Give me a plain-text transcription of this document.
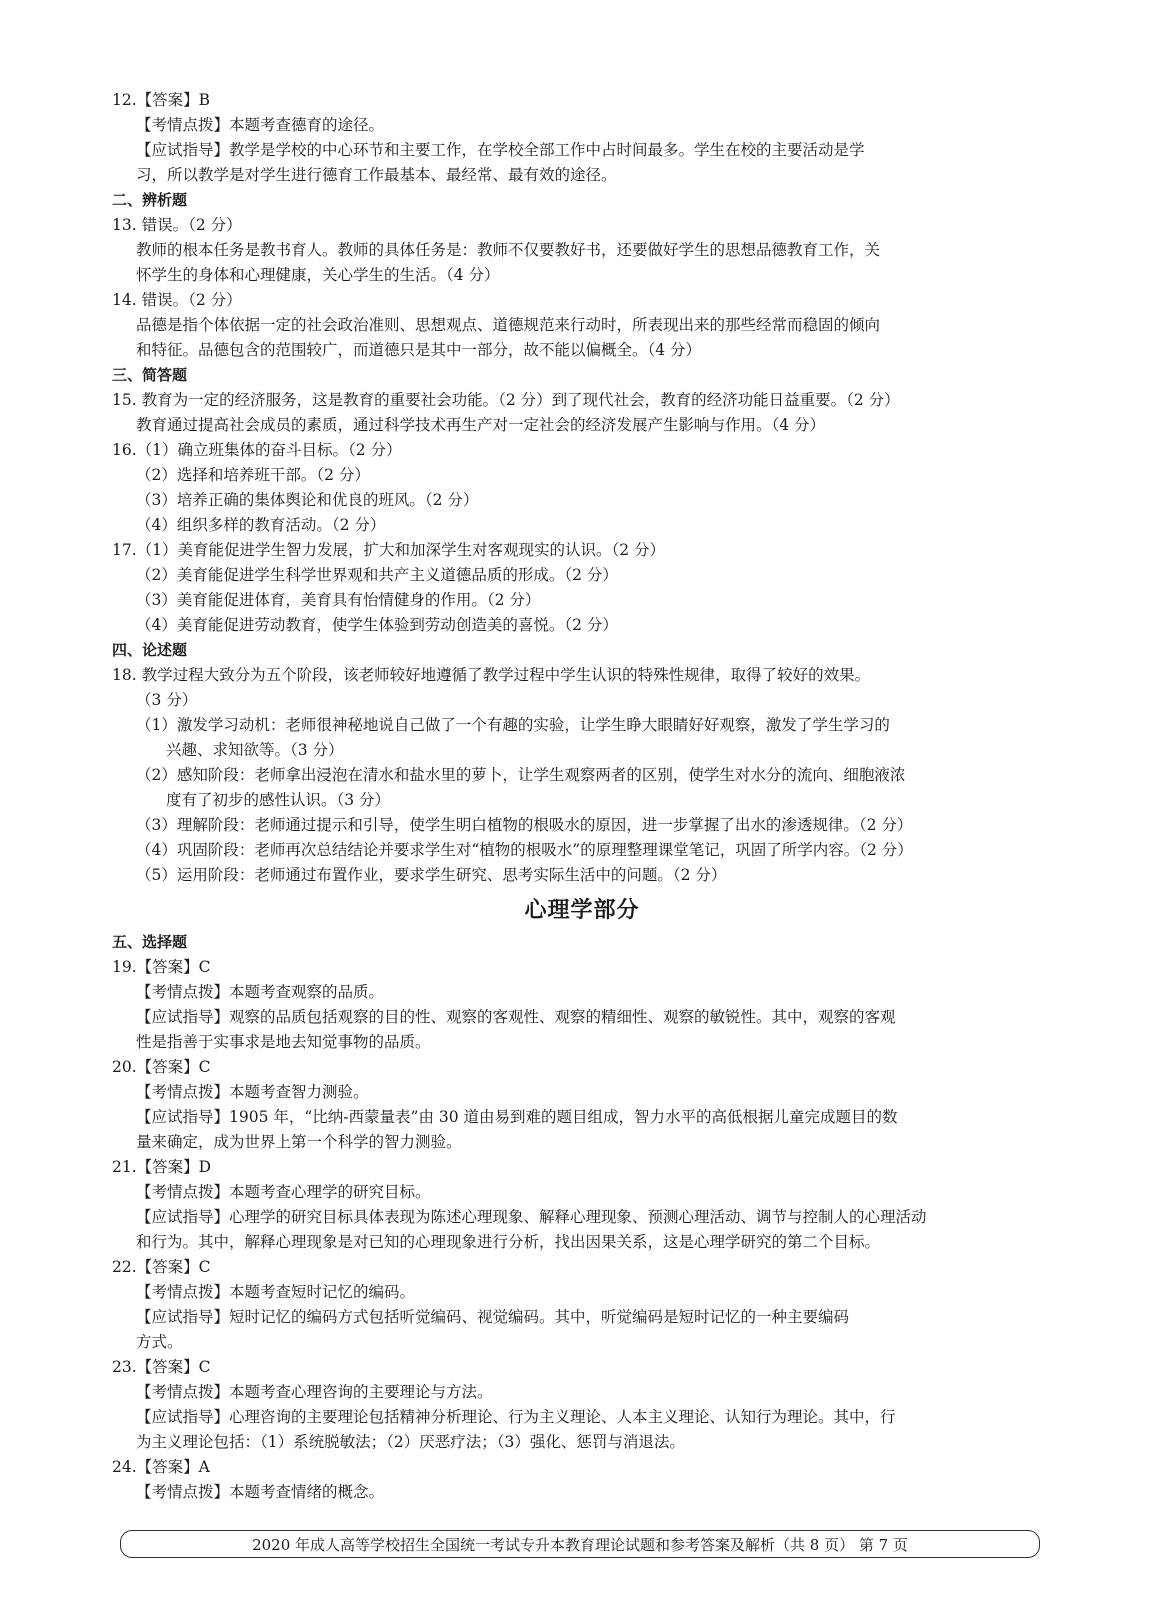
12.【答案】B
【考情点拨】本题考查德育的途径。
【应试指导】教学是学校的中心环节和主要工作，在学校全部工作中占时间最多。学生在校的主要活动是学
习，所以教学是对学生进行德育工作最基本、最经常、最有效的途径。
二、辨析题
13. 错误。（2 分）
教师的根本任务是教书育人。教师的具体任务是：教师不仅要教好书，还要做好学生的思想品德教育工作，关
怀学生的身体和心理健康，关心学生的生活。（4 分）
14. 错误。（2 分）
品德是指个体依据一定的社会政治准则、思想观点、道德规范来行动时，所表现出来的那些经常而稳固的倾向
和特征。品德包含的范围较广，而道德只是其中一部分，故不能以偏概全。（4 分）
三、简答题
15. 教育为一定的经济服务，这是教育的重要社会功能。（2 分）到了现代社会，教育的经济功能日益重要。（2 分）
教育通过提高社会成员的素质，通过科学技术再生产对一定社会的经济发展产生影响与作用。（4 分）
16.（1）确立班集体的奋斗目标。（2 分）
（2）选择和培养班干部。（2 分）
（3）培养正确的集体舆论和优良的班风。（2 分）
（4）组织多样的教育活动。（2 分）
17.（1）美育能促进学生智力发展，扩大和加深学生对客观现实的认识。（2 分）
（2）美育能促进学生科学世界观和共产主义道德品质的形成。（2 分）
（3）美育能促进体育，美育具有怡情健身的作用。（2 分）
（4）美育能促进劳动教育，使学生体验到劳动创造美的喜悦。（2 分）
四、论述题
18. 教学过程大致分为五个阶段，该老师较好地遵循了教学过程中学生认识的特殊性规律，取得了较好的效果。
（3 分）
（1）激发学习动机：老师很神秘地说自己做了一个有趣的实验，让学生睁大眼睛好好观察，激发了学生学习的
兴趣、求知欲等。（3 分）
（2）感知阶段：老师拿出浸泡在清水和盐水里的萝卜，让学生观察两者的区别，使学生对水分的流向、细胞液浓
度有了初步的感性认识。（3 分）
（3）理解阶段：老师通过提示和引导，使学生明白植物的根吸水的原因，进一步掌握了出水的渗透规律。（2 分）
（4）巩固阶段：老师再次总结结论并要求学生对“植物的根吸水”的原理整理课堂笔记，巩固了所学内容。（2 分）
（5）运用阶段：老师通过布置作业，要求学生研究、思考实际生活中的问题。（2 分）
心理学部分
五、选择题
19.【答案】C
【考情点拨】本题考查观察的品质。
【应试指导】观察的品质包括观察的目的性、观察的客观性、观察的精细性、观察的敏锐性。其中，观察的客观
性是指善于实事求是地去知觉事物的品质。
20.【答案】C
【考情点拨】本题考查智力测验。
【应试指导】1905 年，“比纳-西蒙量表”由 30 道由易到难的题目组成，智力水平的高低根据儿童完成题目的数
量来确定，成为世界上第一个科学的智力测验。
21.【答案】D
【考情点拨】本题考查心理学的研究目标。
【应试指导】心理学的研究目标具体表现为陈述心理现象、解释心理现象、预测心理活动、调节与控制人的心理活动
和行为。其中，解释心理现象是对已知的心理现象进行分析，找出因果关系，这是心理学研究的第二个目标。
22.【答案】C
【考情点拨】本题考查短时记忆的编码。
【应试指导】短时记忆的编码方式包括听觉编码、视觉编码。其中，听觉编码是短时记忆的一种主要编码
方式。
23.【答案】C
【考情点拨】本题考查心理咨询的主要理论与方法。
【应试指导】心理咨询的主要理论包括精神分析理论、行为主义理论、人本主义理论、认知行为理论。其中，行
为主义理论包括：（1）系统脱敏法；（2）厌恶疗法；（3）强化、惩罚与消退法。
24.【答案】A
【考情点拨】本题考查情绪的概念。
2020 年成人高等学校招生全国统一考试专升本教育理论试题和参考答案及解析（共 8 页） 第 7 页
